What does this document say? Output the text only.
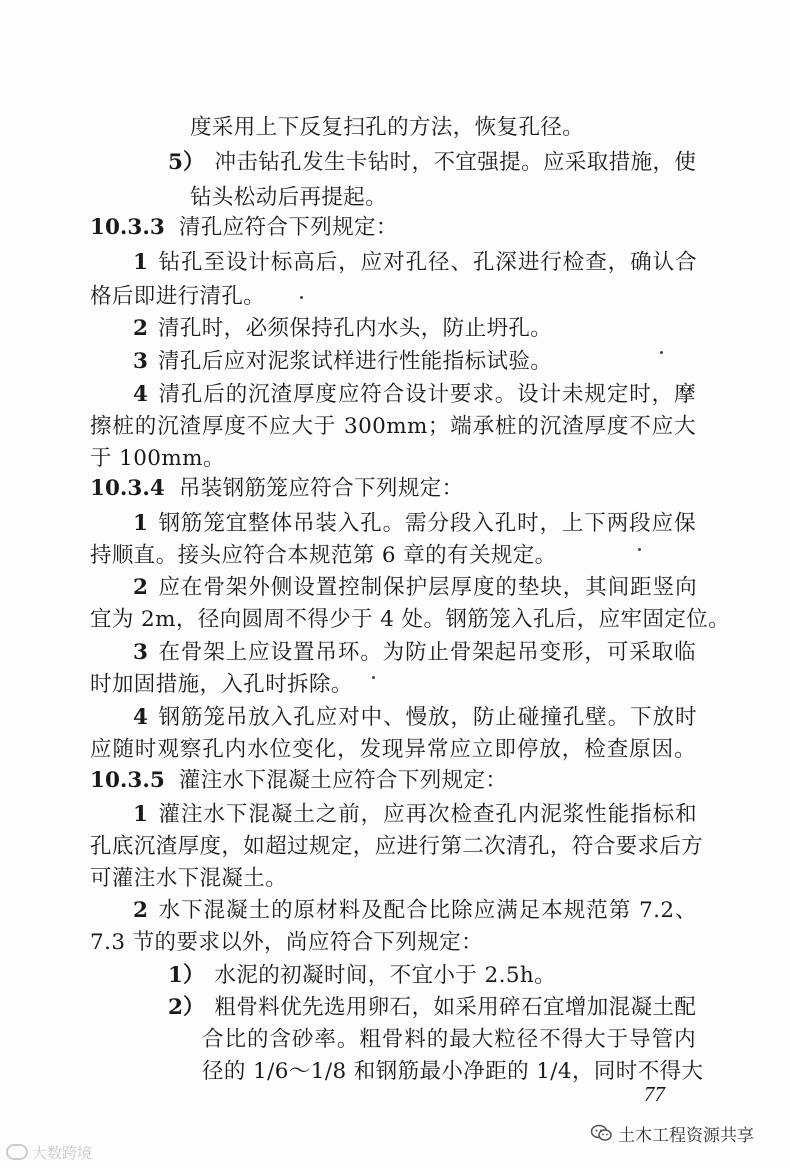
度采用上下反复扫孔的方法，恢复孔径。
5） 冲击钻孔发生卡钻时，不宜强提。应采取措施，使
钻头松动后再提起。
10.3.3 清孔应符合下列规定：
1 钻孔至设计标高后，应对孔径、孔深进行检查，确认合
格后即进行清孔。
2 清孔时，必须保持孔内水头，防止坍孔。
3 清孔后应对泥浆试样进行性能指标试验。
4 清孔后的沉渣厚度应符合设计要求。设计未规定时，摩
擦桩的沉渣厚度不应大于 300mm；端承桩的沉渣厚度不应大
于 100mm。
10.3.4 吊装钢筋笼应符合下列规定：
1 钢筋笼宜整体吊装入孔。需分段入孔时，上下两段应保
持顺直。接头应符合本规范第 6 章的有关规定。
2 应在骨架外侧设置控制保护层厚度的垫块，其间距竖向
宜为 2m，径向圆周不得少于 4 处。钢筋笼入孔后，应牢固定位。
3 在骨架上应设置吊环。为防止骨架起吊变形，可采取临
时加固措施，入孔时拆除。
4 钢筋笼吊放入孔应对中、慢放，防止碰撞孔壁。下放时
应随时观察孔内水位变化，发现异常应立即停放，检查原因。
10.3.5 灌注水下混凝土应符合下列规定：
1 灌注水下混凝土之前，应再次检查孔内泥浆性能指标和
孔底沉渣厚度，如超过规定，应进行第二次清孔，符合要求后方
可灌注水下混凝土。
2 水下混凝土的原材料及配合比除应满足本规范第 7.2、
7.3 节的要求以外，尚应符合下列规定：
1） 水泥的初凝时间，不宜小于 2.5h。
2） 粗骨料优先选用卵石，如采用碎石宜增加混凝土配
合比的含砂率。粗骨料的最大粒径不得大于导管内
径的 1/6～1/8 和钢筋最小净距的 1/4，同时不得大
77
大数跨境
土木工程资源共享
